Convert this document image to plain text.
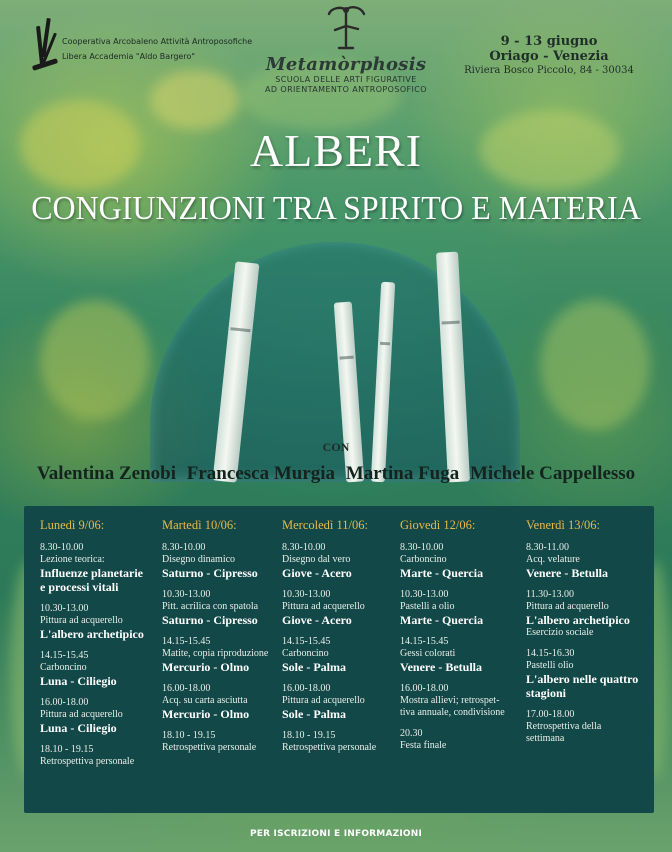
Cooperativa Arcobaleno Attività Antroposofiche
Libera Accademia "Aldo Bargero"	Metamòrphosis
SCUOLA DELLE ARTI FIGURATIVE
AD ORIENTAMENTO ANTROPOSOFICO
9 - 13 giugno
Oriago - Venezia
Riviera Bosco Piccolo, 84 - 30034
ALBERI
CONGIUNZIONI TRA SPIRITO E MATERIA
CON
Valentina Zenobi Francesca Murgia Martina Fuga Michele Cappellesso
Lunedì 9/06:
8.30-10.00
Lezione teorica:
Influenze planetarie
e processi vitali
10.30-13.00
Pittura ad acquerello
L'albero archetipico
14.15-15.45
Carboncino
Luna - Ciliegio
16.00-18.00
Pittura ad acquerello
Luna - Ciliegio
18.10 - 19.15
Retrospettiva personale
Martedì 10/06:
8.30-10.00
Disegno dinamico
Saturno - Cipresso
10.30-13.00
Pitt. acrilica con spatola
Saturno - Cipresso
14.15-15.45
Matite, copia riproduzione
Mercurio - Olmo
16.00-18.00
Acq. su carta asciutta
Mercurio - Olmo
18.10 - 19.15
Retrospettiva personale
Mercoledì 11/06:
8.30-10.00
Disegno dal vero
Giove - Acero
10.30-13.00
Pittura ad acquerello
Giove - Acero
14.15-15.45
Carboncino
Sole - Palma
16.00-18.00
Pittura ad acquerello
Sole - Palma
18.10 - 19.15
Retrospettiva personale
Giovedì 12/06:
8.30-10.00
Carboncino
Marte - Quercia
10.30-13.00
Pastelli a olio
Marte - Quercia
14.15-15.45
Gessi colorati
Venere - Betulla
16.00-18.00
Mostra allievi; retrospet-
tiva annuale, condivisione
20.30
Festa finale
Venerdì 13/06:
8.30-11.00
Acq. velature
Venere - Betulla
11.30-13.00
Pittura ad acquerello
L'albero archetipico
Esercizio sociale
14.15-16.30
Pastelli olio
L'albero nelle quattro
stagioni
17.00-18.00
Retrospettiva della
settimana
PER ISCRIZIONI E INFORMAZIONI
